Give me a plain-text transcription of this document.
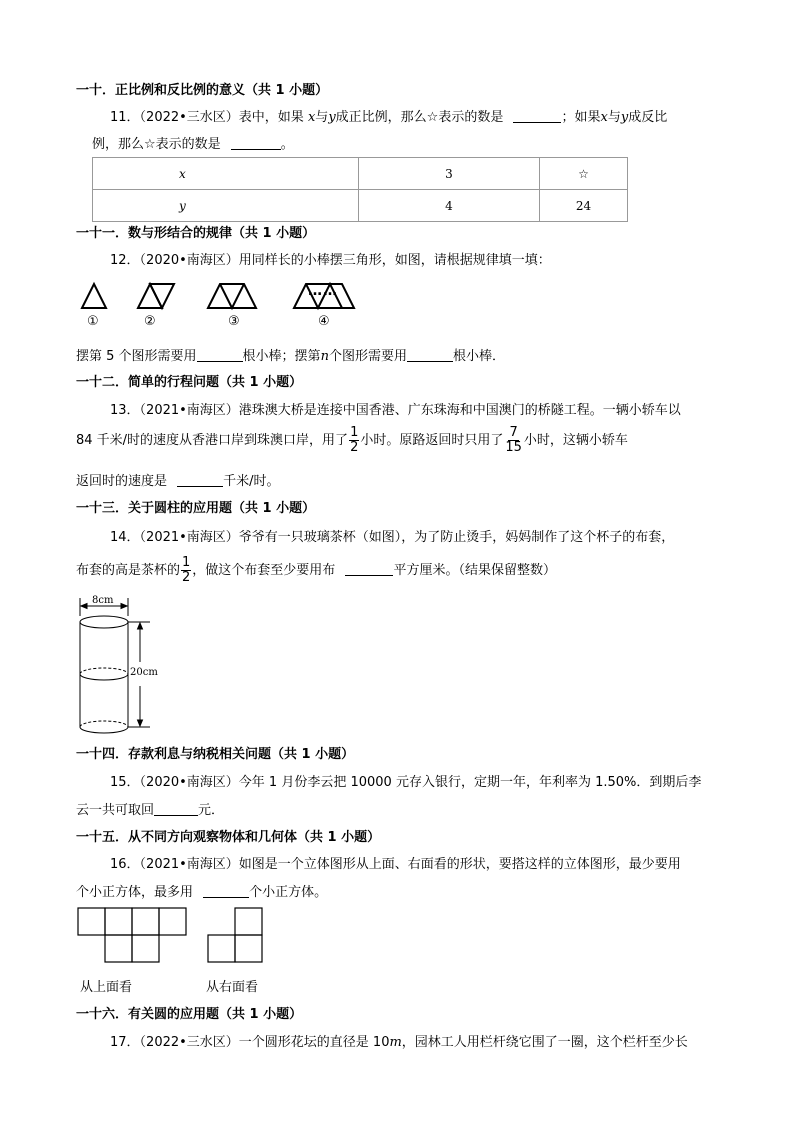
一十．正比例和反比例的意义（共 1 小题）
11．（2022•三水区）表中，如果 x与y成正比例，那么☆表示的数是	；如果x与y成反比
例，那么☆表示的数是	。
x	3	☆
y	4	24
一十一．数与形结合的规律（共 1 小题）
12．（2020•南海区）用同样长的小棒摆三角形，如图，请根据规律填一填：
……
①	②	③	④
摆第 5 个图形需要用	根小棒；摆第n个图形需要用	根小棒．
一十二．简单的行程问题（共 1 小题）
13．（2021•南海区）港珠澳大桥是连接中国香港、广东珠海和中国澳门的桥隧工程。一辆小轿车以
84 千米/时的速度从香港口岸到珠澳口岸，用了 $\frac{1}{2}$ 小时。原路返回时只用了 $\frac{7}{15}$ 小时，这辆小轿车
返回时的速度是	千米/时。
一十三．关于圆柱的应用题（共 1 小题）
14．（2021•南海区）爷爷有一只玻璃茶杯（如图），为了防止烫手，妈妈制作了这个杯子的布套，
布套的高是茶杯的 $\frac{1}{2}$ ，做这个布套至少要用布	平方厘米。（结果保留整数）
8cm
20cm
一十四．存款利息与纳税相关问题（共 1 小题）
15．（2020•南海区）今年 1 月份李云把 10000 元存入银行，定期一年，年利率为 1.50%．到期后李
云一共可取回	元．
一十五．从不同方向观察物体和几何体（共 1 小题）
16．（2021•南海区）如图是一个立体图形从上面、右面看的形状，要搭这样的立体图形，最少要用
个小正方体，最多用	个小正方体。
从上面看	从右面看
一十六．有关圆的应用题（共 1 小题）
17．（2022•三水区）一个圆形花坛的直径是 10m，园林工人用栏杆绕它围了一圈，这个栏杆至少长
